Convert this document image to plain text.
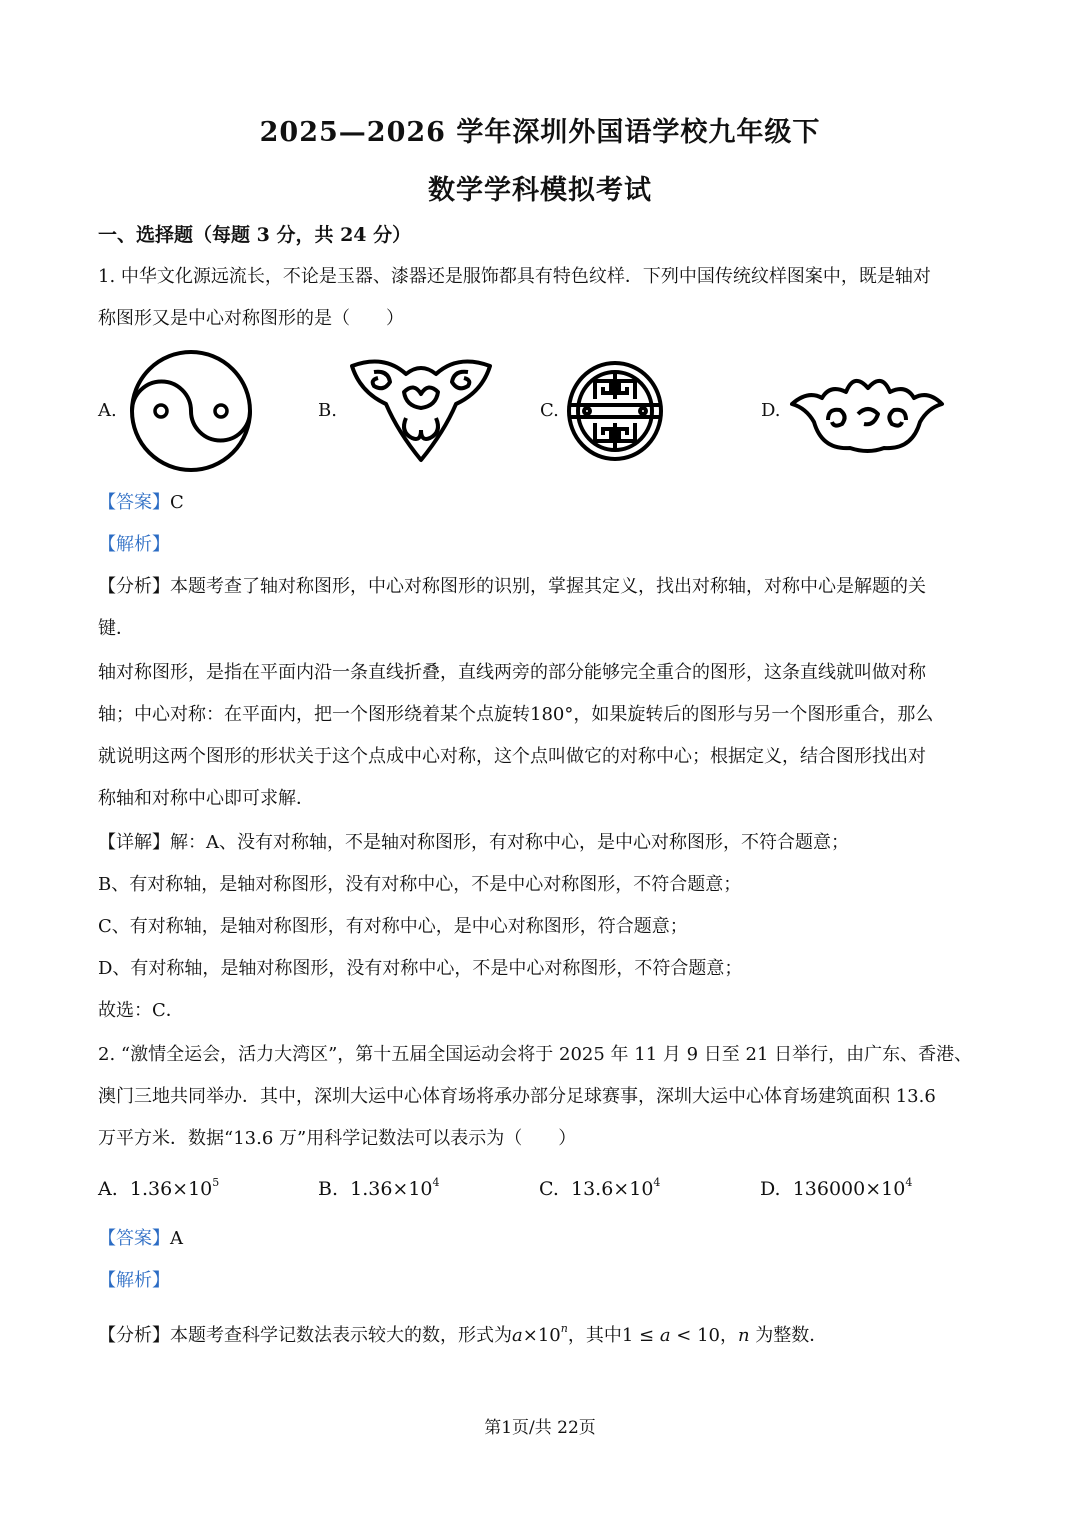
2025—2026 学年深圳外国语学校九年级下
数学学科模拟考试
一、选择题（每题 3 分，共 24 分）
1. 中华文化源远流长，不论是玉器、漆器还是服饰都具有特色纹样．下列中国传统纹样图案中，既是轴对
称图形又是中心对称图形的是（　　）
A.	B.	C.	D.
【答案】C
【解析】
【分析】本题考查了轴对称图形，中心对称图形的识别，掌握其定义，找出对称轴，对称中心是解题的关
键．
轴对称图形，是指在平面内沿一条直线折叠，直线两旁的部分能够完全重合的图形，这条直线就叫做对称
轴；中心对称：在平面内，把一个图形绕着某个点旋转180°，如果旋转后的图形与另一个图形重合，那么
就说明这两个图形的形状关于这个点成中心对称，这个点叫做它的对称中心；根据定义，结合图形找出对
称轴和对称中心即可求解．
【详解】解：A、没有对称轴，不是轴对称图形，有对称中心，是中心对称图形，不符合题意；
B、有对称轴，是轴对称图形，没有对称中心，不是中心对称图形，不符合题意；
C、有对称轴，是轴对称图形，有对称中心，是中心对称图形，符合题意；
D、有对称轴，是轴对称图形，没有对称中心，不是中心对称图形，不符合题意；
故选：C．
2. “激情全运会，活力大湾区”，第十五届全国运动会将于 2025 年 11 月 9 日至 21 日举行，由广东、香港、
澳门三地共同举办．其中，深圳大运中心体育场将承办部分足球赛事，深圳大运中心体育场建筑面积 13.6
万平方米．数据“13.6 万”用科学记数法可以表示为（　　）
A. $1.36\times 10^5$	B. $1.36\times 10^4$	C. $13.6\times 10^4$	D. $136000\times 10^4$
【答案】A
【解析】
【分析】本题考查科学记数法表示较大的数，形式为$a\times 10^n$，其中1 ≤ a < 10，n 为整数．
第1页/共 22页
